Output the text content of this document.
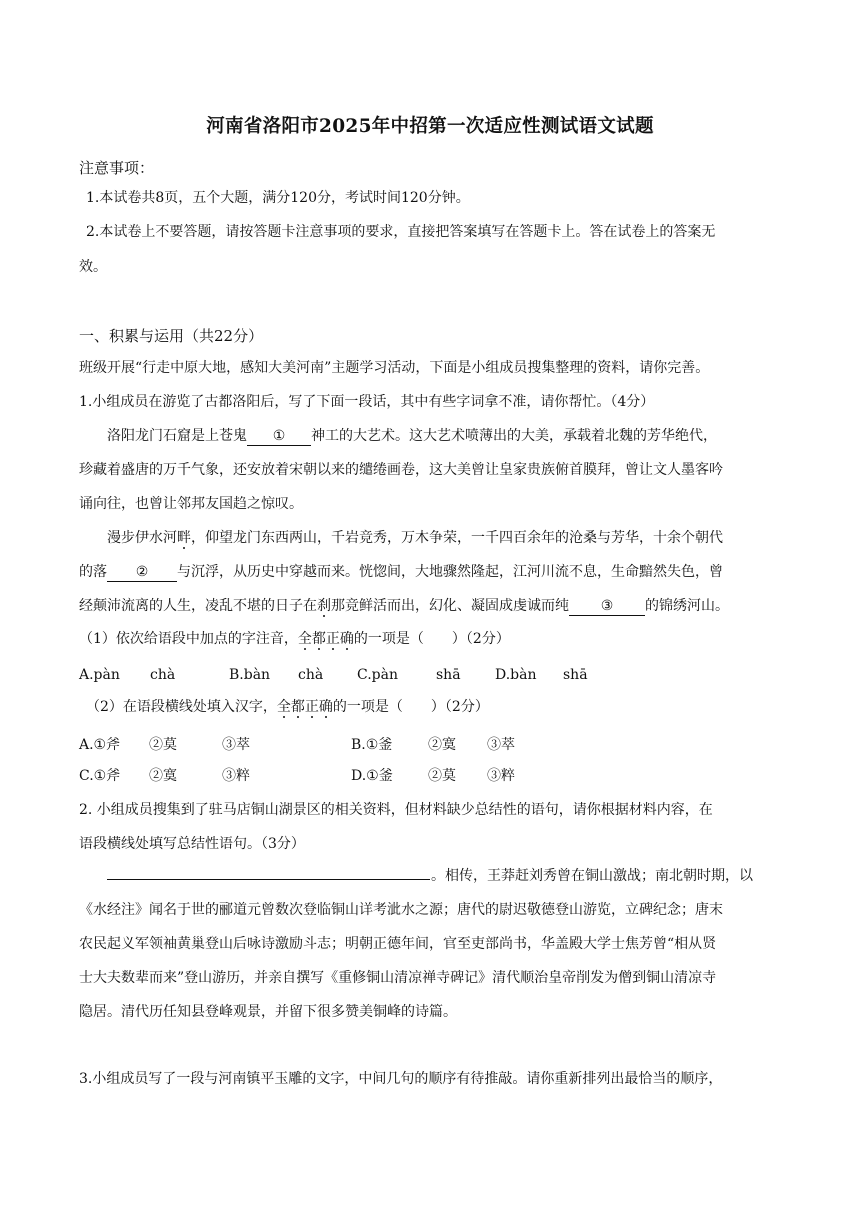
河南省洛阳市2025年中招第一次适应性测试语文试题
注意事项：
1.本试卷共8页，五个大题，满分120分，考试时间120分钟。
2.本试卷上不要答题，请按答题卡注意事项的要求，直接把答案填写在答题卡上。答在试卷上的答案无
效。
一、积累与运用（共22分）
班级开展“行走中原大地，感知大美河南”主题学习活动，下面是小组成员搜集整理的资料，请你完善。
1.小组成员在游览了古都洛阳后，写了下面一段话，其中有些字词拿不准，请你帮忙。（4分）
洛阳龙门石窟是上苍鬼 ① 神工的大艺术。这大艺术喷薄出的大美，承载着北魏的芳华绝代，
珍藏着盛唐的万千气象，还安放着宋朝以来的缱绻画卷，这大美曾让皇家贵族俯首膜拜，曾让文人墨客吟
诵向往，也曾让邻邦友国趋之惊叹。
漫步伊水河畔，仰望龙门东西两山，千岩竞秀，万木争荣，一千四百余年的沧桑与芳华，十余个朝代
的落 ② 与沉浮，从历史中穿越而来。恍惚间，大地骤然隆起，江河川流不息，生命黯然失色，曾
经颠沛流离的人生，凌乱不堪的日子在刹那竞鲜活而出，幻化、凝固成虔诚而纯 ③ 的锦绣河山。
（1）依次给语段中加点的字注音，全都正确的一项是（　　）（2分）
A.pàn chà	B.bàn chà C.pàn	shā D.bàn shā
（2）在语段横线处填入汉字，全都正确的一项是（　　）（2分）
A.①斧 ②莫	③萃	B.①釜	②寞 ③萃
C.①斧 ②寞	③粹	D.①釜	②莫 ③粹
2. 小组成员搜集到了驻马店铜山湖景区的相关资料，但材料缺少总结性的语句，请你根据材料内容，在
语段横线处填写总结性语句。（3分）
。相传，王莽赶刘秀曾在铜山激战；南北朝时期，以
《水经注》闻名于世的郦道元曾数次登临铜山详考泚水之源；唐代的尉迟敬德登山游览，立碑纪念；唐末
农民起义军领袖黄巢登山后咏诗激励斗志；明朝正德年间，官至吏部尚书，华盖殿大学士焦芳曾“相从贤
士大夫数辈而来”登山游历，并亲自撰写《重修铜山清凉禅寺碑记》清代顺治皇帝削发为僧到铜山清凉寺
隐居。清代历任知县登峰观景，并留下很多赞美铜峰的诗篇。
3.小组成员写了一段与河南镇平玉雕的文字，中间几句的顺序有待推敲。请你重新排列出最恰当的顺序，
